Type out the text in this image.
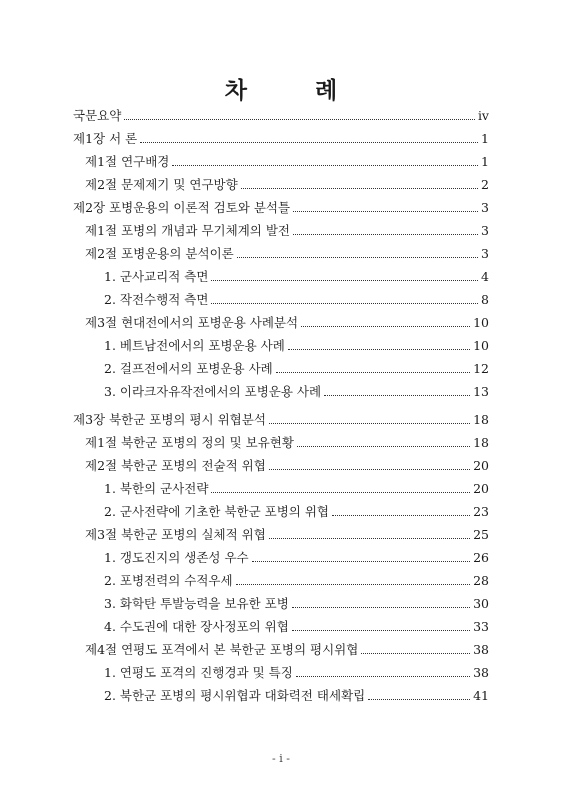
차 례
국문요약	iv
제1장 서 론	1
제1절 연구배경	1
제2절 문제제기 및 연구방향	2
제2장 포병운용의 이론적 검토와 분석틀	3
제1절 포병의 개념과 무기체계의 발전	3
제2절 포병운용의 분석이론	3
1. 군사교리적 측면	4
2. 작전수행적 측면	8
제3절 현대전에서의 포병운용 사례분석	10
1. 베트남전에서의 포병운용 사례	10
2. 걸프전에서의 포병운용 사례	12
3. 이라크자유작전에서의 포병운용 사례	13
제3장 북한군 포병의 평시 위협분석	18
제1절 북한군 포병의 정의 및 보유현황	18
제2절 북한군 포병의 전술적 위협	20
1. 북한의 군사전략	20
2. 군사전략에 기초한 북한군 포병의 위협	23
제3절 북한군 포병의 실체적 위협	25
1. 갱도진지의 생존성 우수	26
2. 포병전력의 수적우세	28
3. 화학탄 투발능력을 보유한 포병	30
4. 수도권에 대한 장사정포의 위협	33
제4절 연평도 포격에서 본 북한군 포병의 평시위협	38
1. 연평도 포격의 진행경과 및 특징	38
2. 북한군 포병의 평시위협과 대화력전 태세확립	41
- i -
